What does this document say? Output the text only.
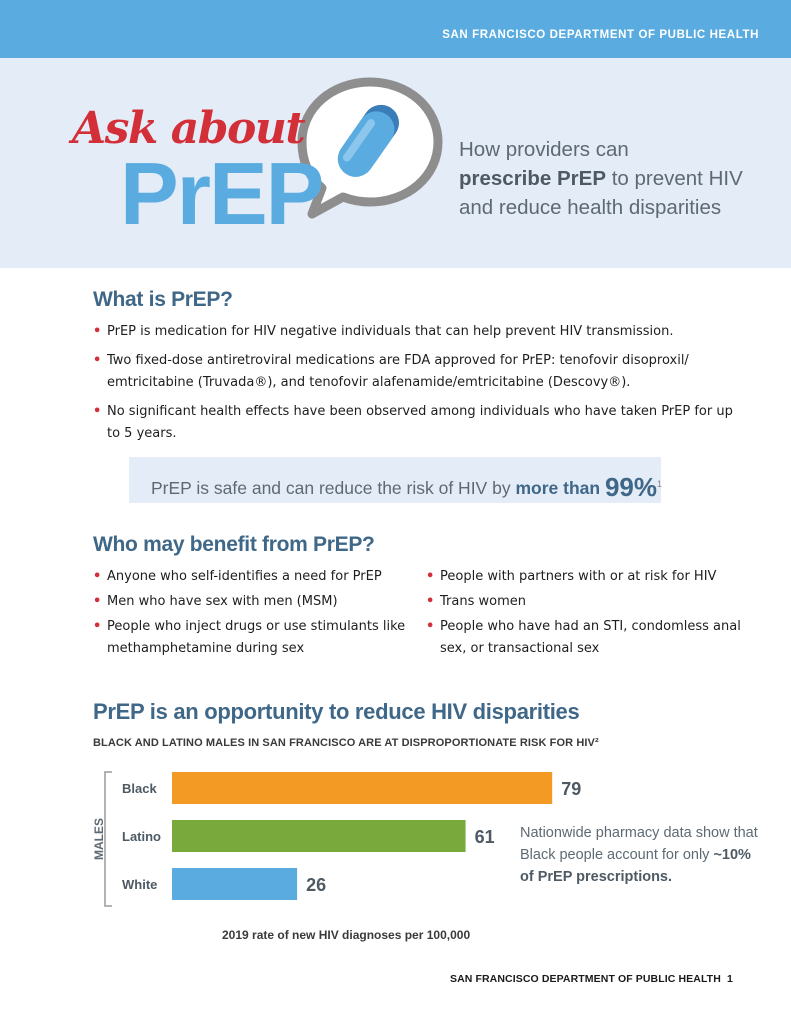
SAN FRANCISCO DEPARTMENT OF PUBLIC HEALTH
Ask about
PrEP	How providers can
prescribe PrEP to prevent HIV
and reduce health disparities
What is PrEP?
• PrEP is medication for HIV negative individuals that can help prevent HIV transmission.
• Two fixed-dose antiretroviral medications are FDA approved for PrEP: tenofovir disoproxil/ emtricitabine (Truvada®), and tenofovir alafenamide/emtricitabine (Descovy®).
• No significant health effects have been observed among individuals who have taken PrEP for up to 5 years.
PrEP is safe and can reduce the risk of HIV by more than 99%$^1$
Who may benefit from PrEP?
• Anyone who self-identifies a need for PrEP
• Men who have sex with men (MSM)
• People who inject drugs or use stimulants like methamphetamine during sex
• People with partners with or at risk for HIV
• Trans women
• People who have had an STI, condomless anal sex, or transactional sex
PrEP is an opportunity to reduce HIV disparities
BLACK AND LATINO MALES IN SAN FRANCISCO ARE AT DISPROPORTIONATE RISK FOR HIV²
MALES
Black	79
Latino	61
White	26
2019 rate of new HIV diagnoses per 100,000
Nationwide pharmacy data show that Black people account for only ~10% of PrEP prescriptions.
SAN FRANCISCO DEPARTMENT OF PUBLIC HEALTH 1
